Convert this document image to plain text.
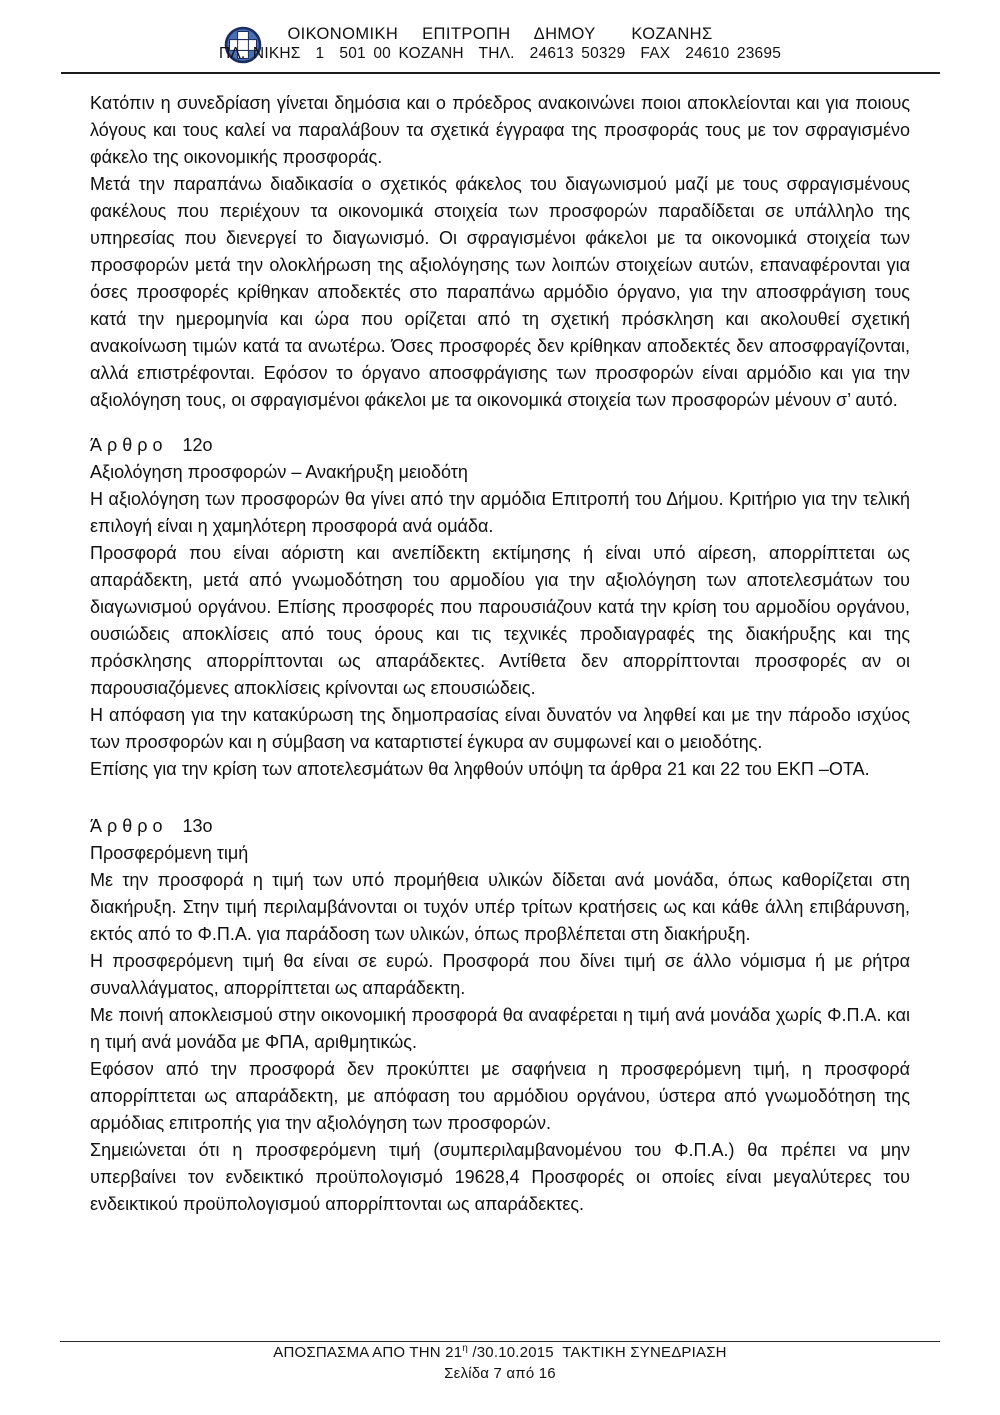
ΟΙΚΟΝΟΜΙΚΗ  ΕΠΙΤΡΟΠΗ  ΔΗΜΟΥ   ΚΟΖΑΝΗΣ
ΠΛ. ΝΙΚΗΣ  1  501 00 ΚΟΖΑΝΗ  ΤΗΛ.  24613 50329  FAX  24610 23695

Κατόπιν η συνεδρίαση γίνεται δημόσια και ο πρόεδρος ανακοινώνει ποιοι αποκλείονται και για ποιους λόγους και τους καλεί να παραλάβουν τα σχετικά έγγραφα της προσφοράς τους με τον σφραγισμένο φάκελο της οικονομικής προσφοράς.

Μετά την παραπάνω διαδικασία ο σχετικός φάκελος του διαγωνισμού μαζί με τους σφραγισμένους φακέλους που περιέχουν τα οικονομικά στοιχεία των προσφορών παραδίδεται σε υπάλληλο της υπηρεσίας που διενεργεί το διαγωνισμό. Οι σφραγισμένοι φάκελοι με τα οικονομικά στοιχεία των προσφορών μετά την ολοκλήρωση της αξιολόγησης των λοιπών στοιχείων αυτών, επαναφέρονται για όσες προσφορές κρίθηκαν αποδεκτές στο παραπάνω αρμόδιο όργανο, για την αποσφράγιση τους κατά την ημερομηνία και ώρα που ορίζεται από τη σχετική πρόσκληση και ακολουθεί σχετική ανακοίνωση τιμών κατά τα ανωτέρω. Όσες προσφορές δεν κρίθηκαν αποδεκτές δεν αποσφραγίζονται, αλλά επιστρέφονται. Εφόσον το όργανο αποσφράγισης των προσφορών είναι αρμόδιο και για την αξιολόγηση τους, οι σφραγισμένοι φάκελοι με τα οικονομικά στοιχεία των προσφορών μένουν σ’ αυτό.

Ά ρ θ ρ ο    12ο

Αξιολόγηση προσφορών – Ανακήρυξη μειοδότη

Η αξιολόγηση των προσφορών θα γίνει από την αρμόδια Επιτροπή του Δήμου. Κριτήριο για την τελική επιλογή είναι η χαμηλότερη προσφορά ανά ομάδα.

Προσφορά που είναι αόριστη και ανεπίδεκτη εκτίμησης ή είναι υπό αίρεση, απορρίπτεται ως απαράδεκτη, μετά από γνωμοδότηση του αρμοδίου για την αξιολόγηση των αποτελεσμάτων του διαγωνισμού οργάνου. Επίσης προσφορές που παρουσιάζουν κατά την κρίση του αρμοδίου οργάνου, ουσιώδεις αποκλίσεις από τους όρους και τις τεχνικές προδιαγραφές της διακήρυξης και της πρόσκλησης απορρίπτονται ως απαράδεκτες. Αντίθετα δεν απορρίπτονται προσφορές αν οι παρουσιαζόμενες αποκλίσεις κρίνονται ως επουσιώδεις.

Η απόφαση για την κατακύρωση της δημοπρασίας είναι δυνατόν να ληφθεί και με την πάροδο ισχύος των προσφορών και η σύμβαση να καταρτιστεί έγκυρα αν συμφωνεί και ο μειοδότης.

Επίσης για την κρίση των αποτελεσμάτων θα ληφθούν υπόψη τα άρθρα 21 και 22 του ΕΚΠ –ΟΤΑ.

Ά ρ θ ρ ο    13ο

Προσφερόμενη τιμή

Με την προσφορά η τιμή των υπό προμήθεια υλικών δίδεται ανά μονάδα, όπως καθορίζεται στη διακήρυξη. Στην τιμή περιλαμβάνονται οι τυχόν υπέρ τρίτων κρατήσεις ως και κάθε άλλη επιβάρυνση, εκτός από το Φ.Π.Α. για παράδοση των υλικών, όπως προβλέπεται στη διακήρυξη.

Η προσφερόμενη τιμή θα είναι σε ευρώ. Προσφορά που δίνει τιμή σε άλλο νόμισμα ή με ρήτρα συναλλάγματος, απορρίπτεται ως απαράδεκτη.

Με ποινή αποκλεισμού στην οικονομική προσφορά θα αναφέρεται η τιμή ανά μονάδα χωρίς Φ.Π.Α. και η τιμή ανά μονάδα με ΦΠΑ, αριθμητικώς.

Εφόσον από την προσφορά δεν προκύπτει με σαφήνεια η προσφερόμενη τιμή, η προσφορά απορρίπτεται ως απαράδεκτη, με απόφαση του αρμόδιου οργάνου, ύστερα από γνωμοδότηση της αρμόδιας επιτροπής για την αξιολόγηση των προσφορών.

Σημειώνεται ότι η προσφερόμενη τιμή (συμπεριλαμβανομένου του Φ.Π.Α.) θα πρέπει να μην υπερβαίνει τον ενδεικτικό προϋπολογισμό 19628,4 Προσφορές οι οποίες είναι μεγαλύτερες του ενδεικτικού προϋπολογισμού απορρίπτονται ως απαράδεκτες.

ΑΠΟΣΠΑΣΜΑ ΑΠΟ ΤΗΝ $21^\eta$ /30.10.2015  ΤΑΚΤΙΚΗ ΣΥΝΕΔΡΙΑΣΗ
Σελίδα 7 από 16
